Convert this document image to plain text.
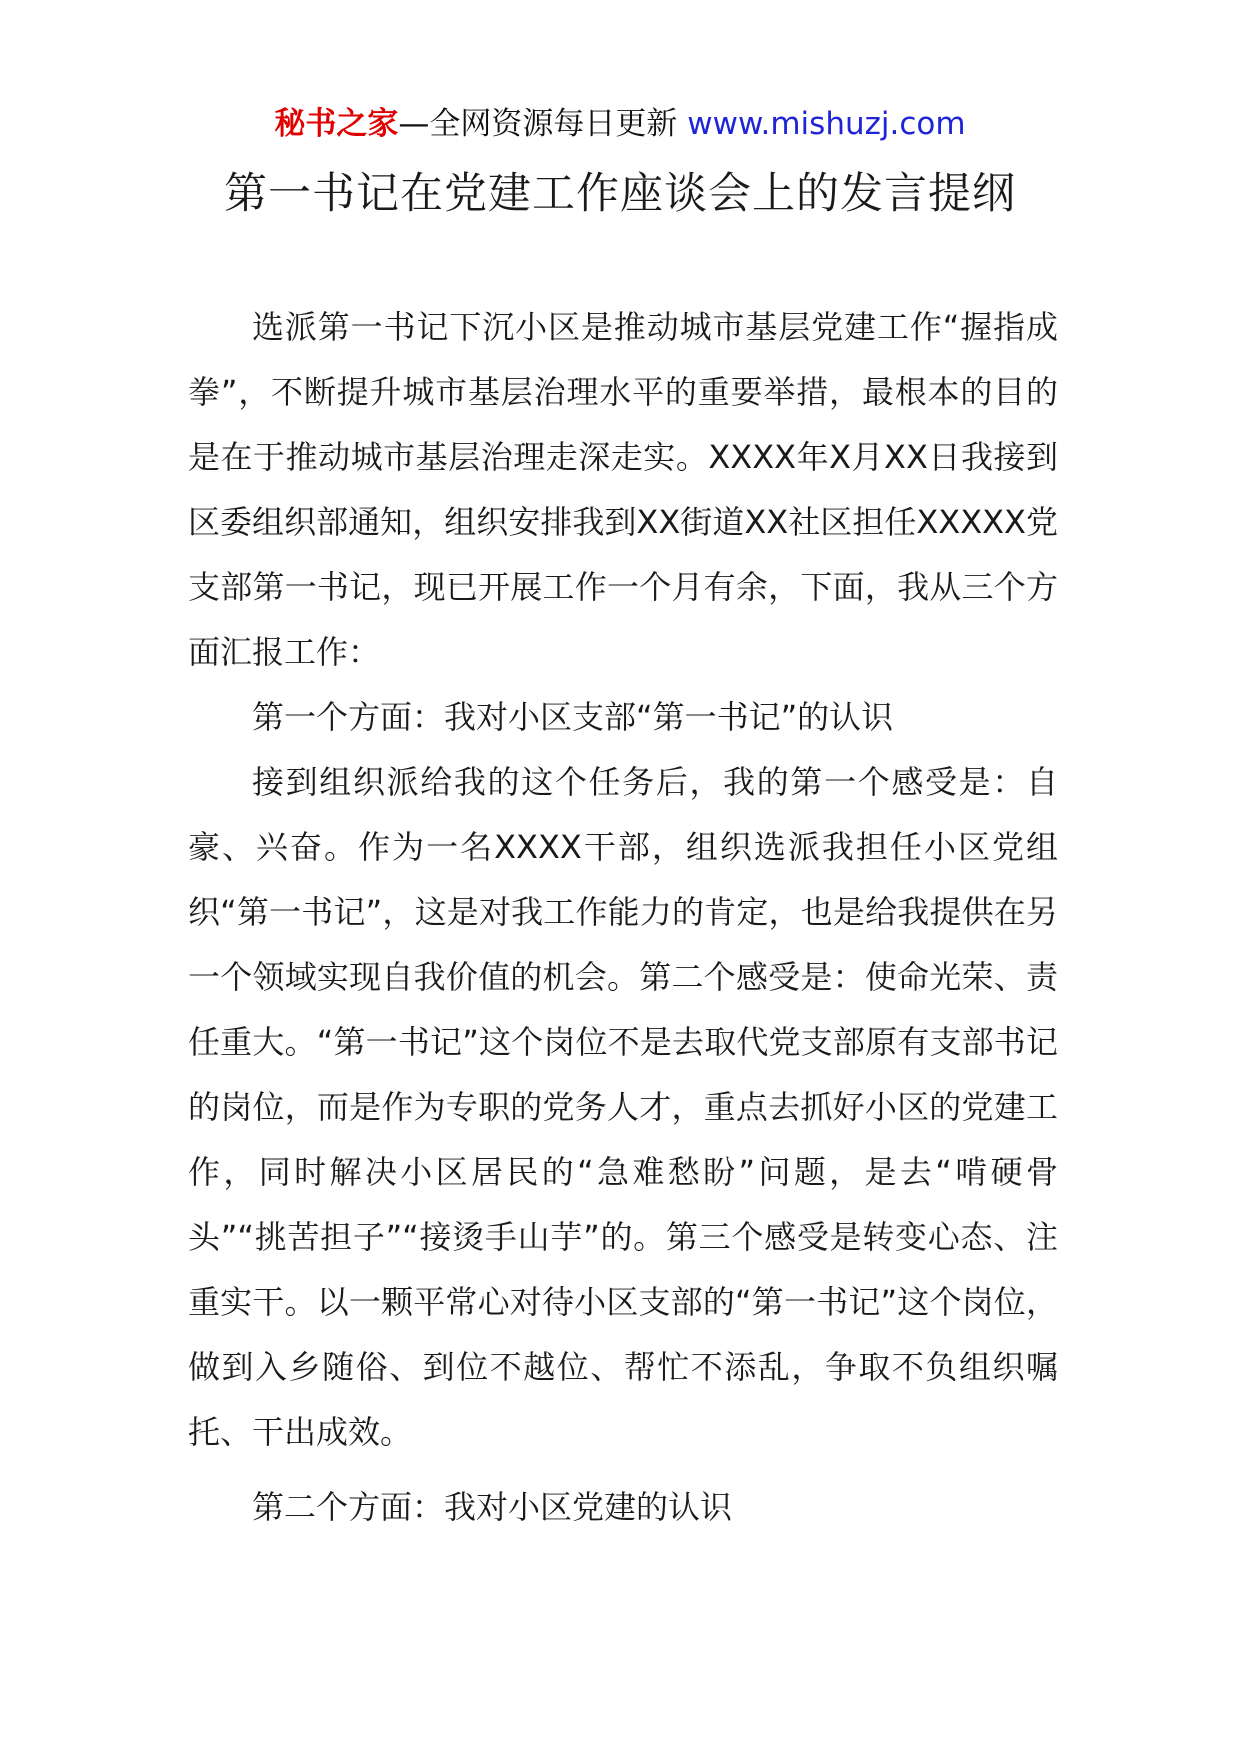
秘书之家—全网资源每日更新 www.mishuzj.com
第一书记在党建工作座谈会上的发言提纲

选派第一书记下沉小区是推动城市基层党建工作“握指成拳”，不断提升城市基层治理水平的重要举措，最根本的目的是在于推动城市基层治理走深走实。XXXX年X月XX日我接到区委组织部通知，组织安排我到XX街道XX社区担任XXXXX党支部第一书记，现已开展工作一个月有余，下面，我从三个方面汇报工作：

第一个方面：我对小区支部“第一书记”的认识

接到组织派给我的这个任务后，我的第一个感受是：自豪、兴奋。作为一名XXXX干部，组织选派我担任小区党组织“第一书记”，这是对我工作能力的肯定，也是给我提供在另一个领域实现自我价值的机会。第二个感受是：使命光荣、责任重大。“第一书记”这个岗位不是去取代党支部原有支部书记的岗位，而是作为专职的党务人才，重点去抓好小区的党建工作，同时解决小区居民的“急难愁盼”问题，是去“啃硬骨头”“挑苦担子”“接烫手山芋”的。第三个感受是转变心态、注重实干。以一颗平常心对待小区支部的“第一书记”这个岗位，做到入乡随俗、到位不越位、帮忙不添乱，争取不负组织嘱托、干出成效。

第二个方面：我对小区党建的认识
